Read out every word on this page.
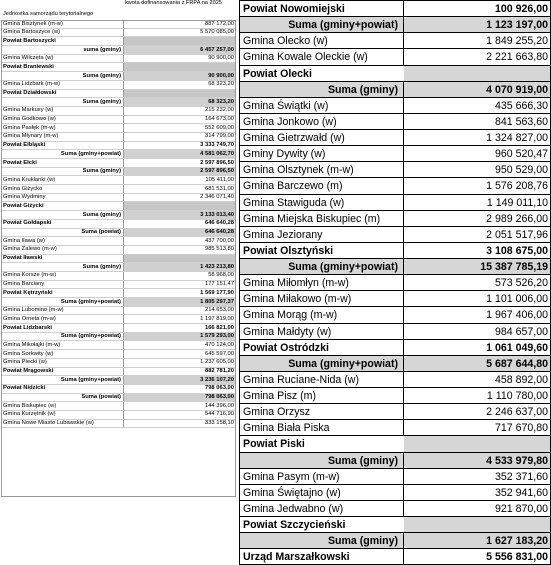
Jednostka samorządu terytorialnego
kwota dofinansowania z FRPA na 2025
Gmina Bisztynek (m-w)	887 172,00
Gmina Bartoszyce (w)	5 570 085,00
Powiat Bartoszycki
suma (gminy)	6 457 257,00
Gmina Wilczęta (w)	90 900,00
Powiat Braniewski
Suma (gminy)	90 900,00
Gmina Lidzbark (m-w)	68 323,20
Powiat Działdowski
Suma (gminy)	68 323,20
Gmina Markusy (w)	215 232,00
Gmina Godkowo (w)	164 673,00
Gmina Pasłęk (m-w)	552 609,00
Gmina Młynary (m-w)	314 799,00
Powiat Elbląski	3 333 749,70
Suma (gminy+powiat)	4 581 062,70
Powiat Ełcki	2 597 896,50
Suma (gminy)	2 597 896,50
Gmina Kruklanki (w)	105 411,00
Gmina Giżycko	681 531,00
Gmina Wydminy	2 346 071,40
Powiat Giżycki
Suma (gminy)	3 133 013,40
Powiat Gołdapski	646 640,28
Suma (powiat)	646 640,28
Gmina Iława (w)	437 700,00
Gmina Zalewo (m-w)	985 513,80
Powiat Iławski
Suma (gminy)	1 423 213,80
Gmina Korsze (m-w)	58 968,00
Gmina Barciany	177 151,47
Powiat Kętrzyński	1 569 177,90
Suma (gminy+powiat)	1 805 297,37
Gmina Lubomino (m-w)	214 653,00
Gmina Orneta (m-w)	1 197 819,00
Powiat Lidzbarski	166 821,00
Suma (gminy+powiat)	1 579 293,00
Gmina Mikołajki (m-w)	470 124,00
Gmina Sorkwity (w)	645 597,00
Gmina Piecki (w)	1 237 605,00
Powiat Mrągowski	882 781,20
Suma (gminy+powiat)	3 236 107,20
Powiat Nidzicki	798 063,00
Suma (powiat)	798 063,00
Gmina Biskupiec (w)	144 396,00
Gmina Kurzętnik (w)	544 716,90
Gmina Nowe Miasto Lubawskie (w)	333 158,10
Powiat Nowomiejski	100 926,00
Suma (gminy+powiat)	1 123 197,00
Gmina Olecko (w)	1 849 255,20
Gmina Kowale Oleckie (w)	2 221 663,80
Powiat Olecki
Suma (gminy)	4 070 919,00
Gmina Świątki (w)	435 666,30
Gmina Jonkowo (w)	841 563,60
Gmina Gietrzwałd (w)	1 324 827,00
Gminy Dywity (w)	960 520,47
Gmina Olsztynek (m-w)	950 529,00
Gmina Barczewo (m)	1 576 208,76
Gmina Stawiguda (w)	1 149 011,10
Gmina Miejska Biskupiec (m)	2 989 266,00
Gmina Jeziorany	2 051 517,96
Powiat Olsztyński	3 108 675,00
Suma (gminy+powiat)	15 387 785,19
Gmina Miłomłyn (m-w)	573 526,20
Gmina Miłakowo (m-w)	1 101 006,00
Gmina Morąg (m-w)	1 967 406,00
Gmina Małdyty (w)	984 657,00
Powiat Ostródzki	1 061 049,60
Suma (gminy+powiat)	5 687 644,80
Gmina Ruciane-Nida (w)	458 892,00
Gmina Pisz (m)	1 110 780,00
Gmina Orzysz	2 246 637,00
Gmina Biała Piska	717 670,80
Powiat Piski
Suma (gminy)	4 533 979,80
Gmina Pasym (m-w)	352 371,60
Gmina Świętajno (w)	352 941,60
Gmina Jedwabno (w)	921 870,00
Powiat Szczycieński
Suma (gminy)	1 627 183,20
Urząd Marszałkowski	5 556 831,00
